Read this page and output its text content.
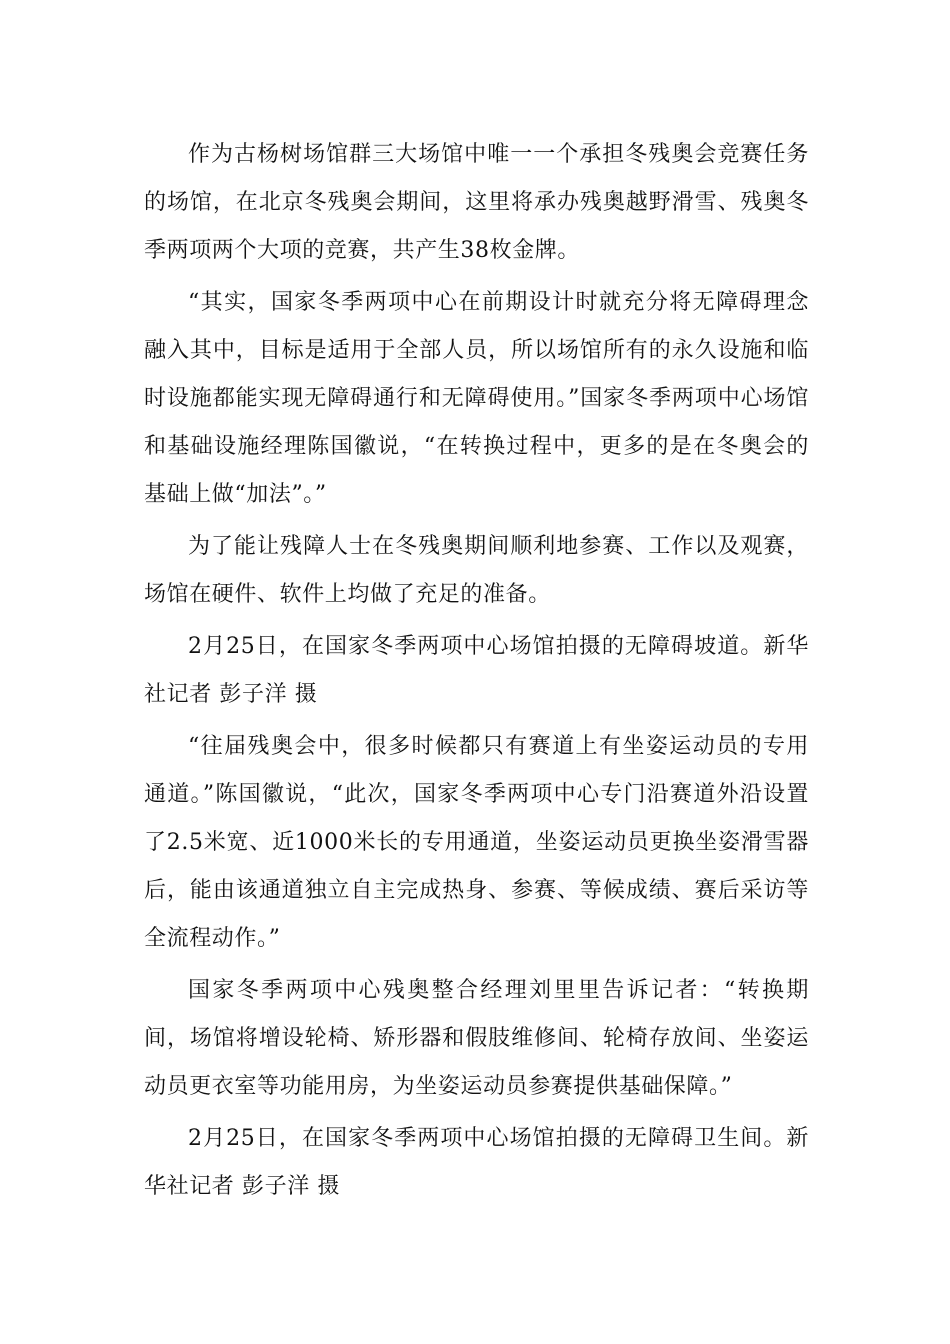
作为古杨树场馆群三大场馆中唯一一个承担冬残奥会竞赛任务的场馆，在北京冬残奥会期间，这里将承办残奥越野滑雪、残奥冬季两项两个大项的竞赛，共产生38枚金牌。

“其实，国家冬季两项中心在前期设计时就充分将无障碍理念融入其中，目标是适用于全部人员，所以场馆所有的永久设施和临时设施都能实现无障碍通行和无障碍使用。”国家冬季两项中心场馆和基础设施经理陈国徽说，“在转换过程中，更多的是在冬奥会的基础上做“加法”。”

为了能让残障人士在冬残奥期间顺利地参赛、工作以及观赛，场馆在硬件、软件上均做了充足的准备。

2月25日，在国家冬季两项中心场馆拍摄的无障碍坡道。新华社记者 彭子洋 摄

“往届残奥会中，很多时候都只有赛道上有坐姿运动员的专用通道。”陈国徽说，“此次，国家冬季两项中心专门沿赛道外沿设置了2.5米宽、近1000米长的专用通道，坐姿运动员更换坐姿滑雪器后，能由该通道独立自主完成热身、参赛、等候成绩、赛后采访等全流程动作。”

国家冬季两项中心残奥整合经理刘里里告诉记者：“转换期间，场馆将增设轮椅、矫形器和假肢维修间、轮椅存放间、坐姿运动员更衣室等功能用房，为坐姿运动员参赛提供基础保障。”

2月25日，在国家冬季两项中心场馆拍摄的无障碍卫生间。新华社记者 彭子洋 摄
